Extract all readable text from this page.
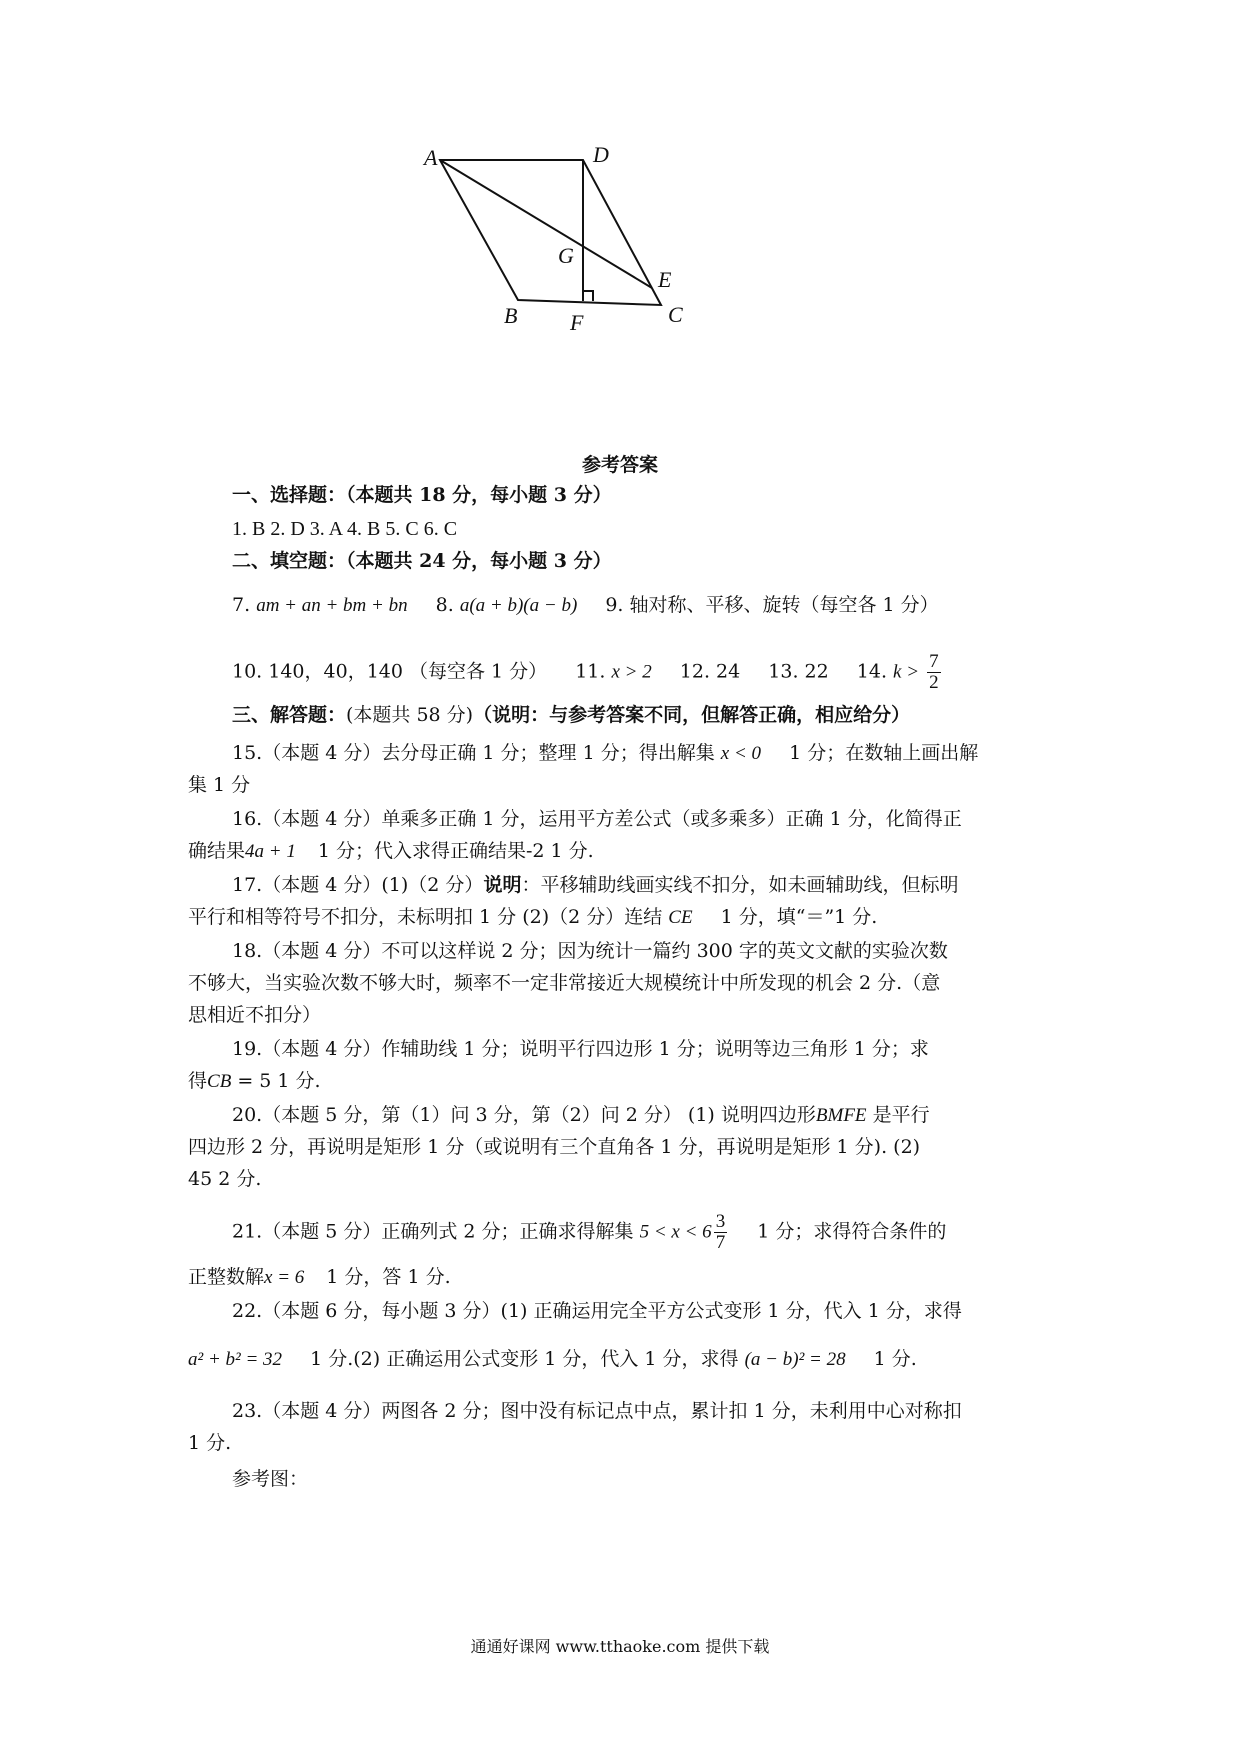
A	D
G
E
B F	C
参考答案
一、选择题：（本题共 18 分，每小题 3 分）
1. B 2. D 3. A 4. B 5. C 6. C
二、填空题：（本题共 24 分，每小题 3 分）
7. am + an + bm + bn 8. a(a + b)(a − b) 9. 轴对称、平移、旋转（每空各 1 分）
10. 140，40，140 （每空各 1 分） 11. x > 2 12. 24 13. 22 14. $k > \frac{7}{2}$
三、解答题：(本题共 58 分)（说明：与参考答案不同，但解答正确，相应给分）
15.（本题 4 分）去分母正确 1 分；整理 1 分；得出解集 x < 0 1 分；在数轴上画出解
集 1 分
16.（本题 4 分）单乘多正确 1 分，运用平方差公式（或多乘多）正确 1 分，化简得正
确结果4a + 1 1 分；代入求得正确结果-2 1 分.
17.（本题 4 分）(1)（2 分）说明：平移辅助线画实线不扣分，如未画辅助线，但标明
平行和相等符号不扣分，未标明扣 1 分 (2)（2 分）连结 CE 1 分，填“＝”1 分.
18.（本题 4 分）不可以这样说 2 分；因为统计一篇约 300 字的英文文献的实验次数
不够大，当实验次数不够大时，频率不一定非常接近大规模统计中所发现的机会 2 分.（意
思相近不扣分）
19.（本题 4 分）作辅助线 1 分；说明平行四边形 1 分；说明等边三角形 1 分；求
得CB = 5 1 分.
20.（本题 5 分，第（1）问 3 分，第（2）问 2 分） (1) 说明四边形BMFE 是平行
四边形 2 分，再说明是矩形 1 分（或说明有三个直角各 1 分，再说明是矩形 1 分). (2)
45 2 分.
21.（本题 5 分）正确列式 2 分；正确求得解集 $5 < x < 6 \frac{3}{7} 1$ 分；求得符合条件的
正整数解x = 6 1 分，答 1 分.
22.（本题 6 分，每小题 3 分）(1) 正确运用完全平方公式变形 1 分，代入 1 分，求得
a² + b² = 32 1 分.(2) 正确运用公式变形 1 分，代入 1 分，求得 (a − b)² = 28 1 分.
23.（本题 4 分）两图各 2 分；图中没有标记点中点，累计扣 1 分，未利用中心对称扣
1 分.
参考图：
通通好课网 www.tthaoke.com 提供下载
